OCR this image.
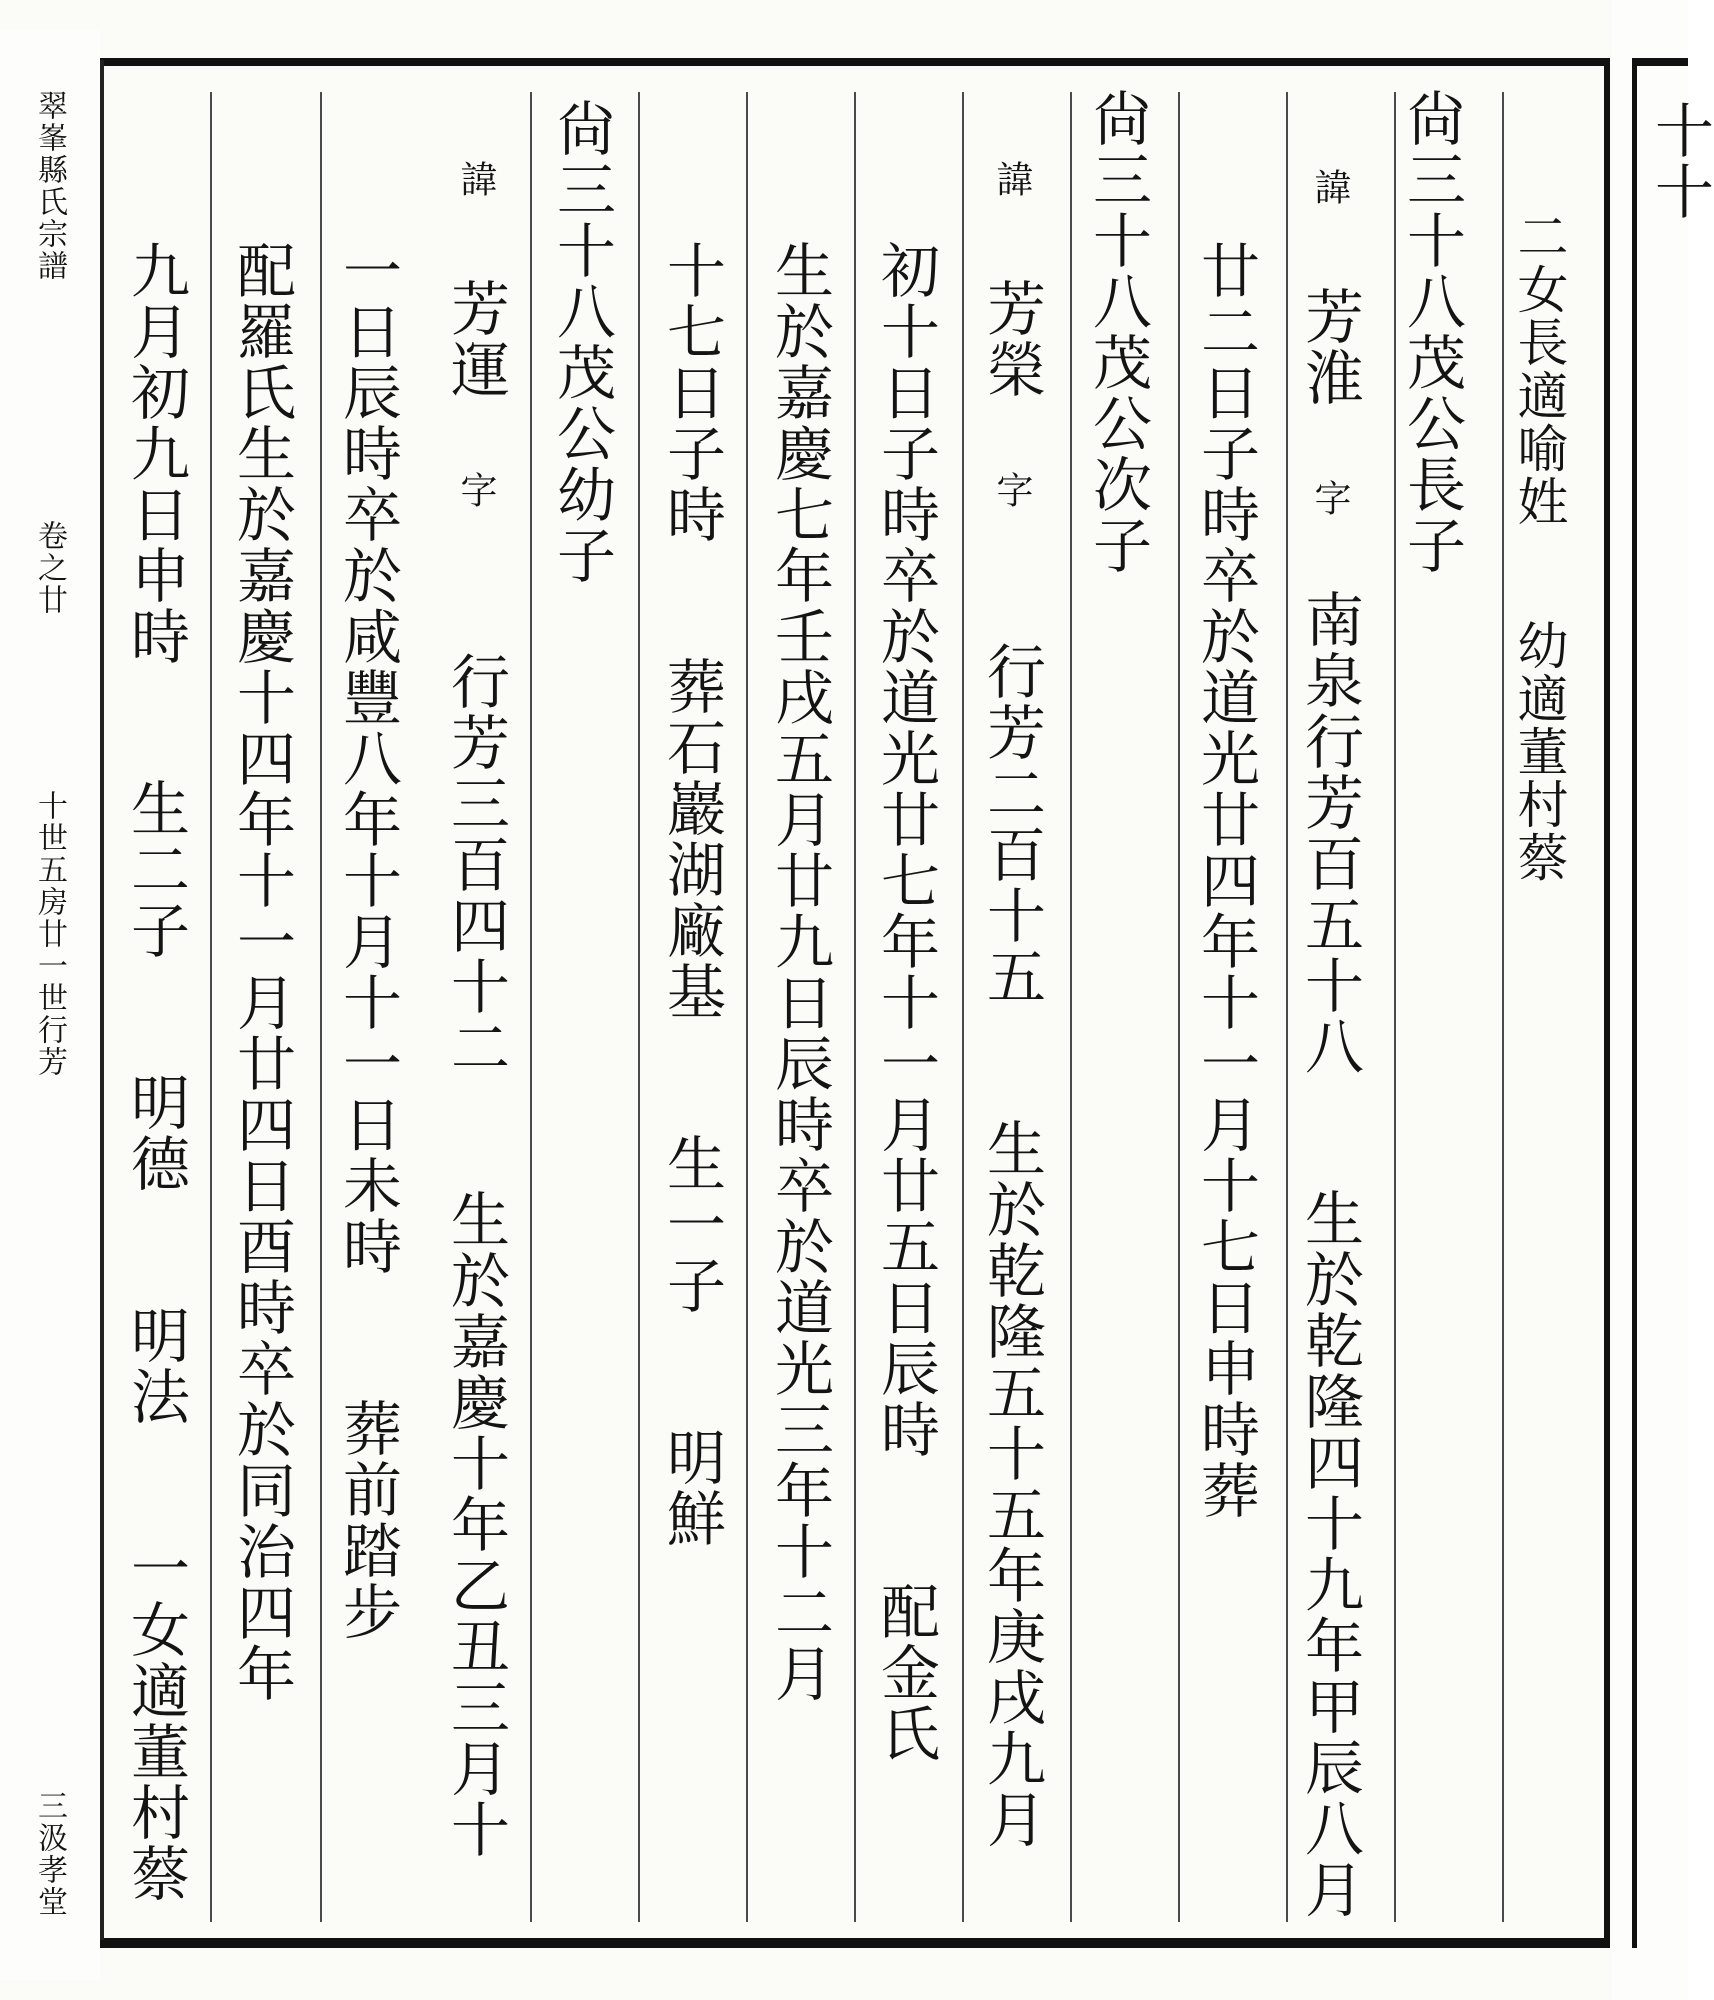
翠峯縣氏宗譜
卷之廿
十世五房廿一世行芳
三汲孝堂
二女長適喻姓 幼適董村蔡
尙三十八茂公長子
諱 芳淮 字 南泉行芳百五十八 生於乾隆四十九年甲辰八月
廿二日子時卒於道光廿四年十一月十七日申時葬
尙三十八茂公次子
諱 芳榮 字 行芳二百十五 生於乾隆五十五年庚戌九月
初十日子時卒於道光廿七年十一月廿五日辰時 配金氏
生於嘉慶七年壬戌五月廿九日辰時卒於道光三年十二月
十七日子時 葬石巖湖廠基 生一子 明鮮
尙三十八茂公幼子
諱 芳運 字 行芳三百四十二 生於嘉慶十年乙丑三月十
一日辰時卒於咸豐八年十月十一日未時 葬前踏步
配羅氏生於嘉慶十四年十一月廿四日酉時卒於同治四年
九月初九日申時 生二子 明德 明法 一女適董村蔡
十十
